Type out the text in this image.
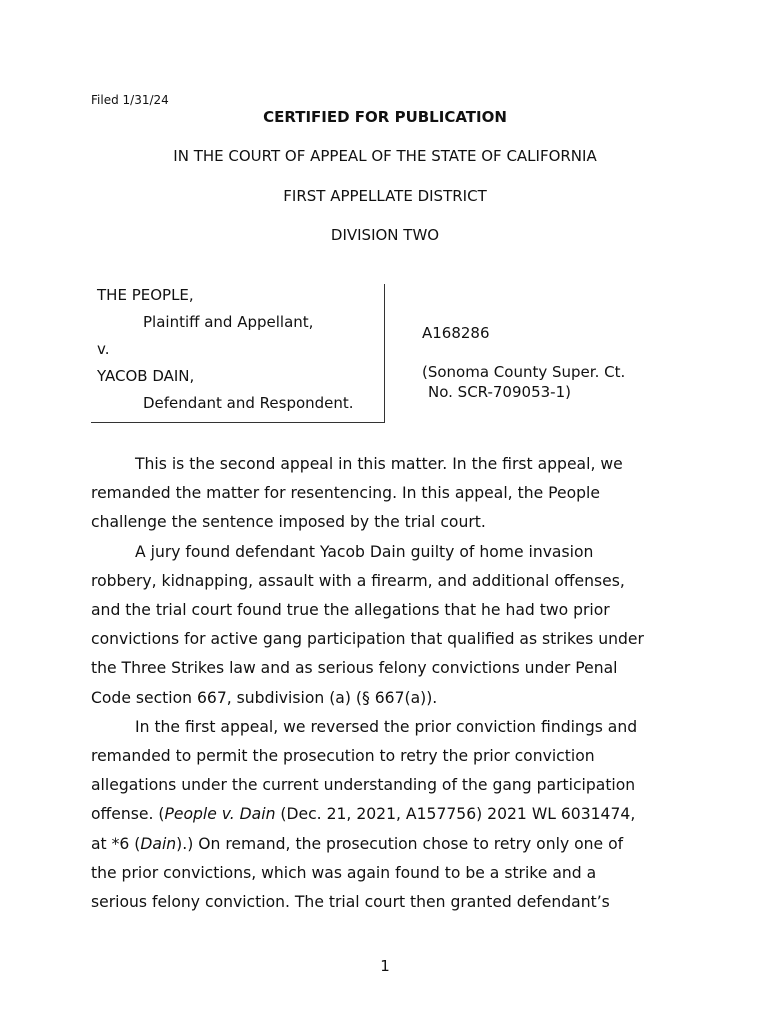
Filed 1/31/24
CERTIFIED FOR PUBLICATION
IN THE COURT OF APPEAL OF THE STATE OF CALIFORNIA
FIRST APPELLATE DISTRICT
DIVISION TWO
THE PEOPLE,
Plaintiff and Appellant,
v.
YACOB DAIN,
Defendant and Respondent.
A168286
(Sonoma County Super. Ct.
No. SCR-709053-1)

This is the second appeal in this matter. In the first appeal, we
remanded the matter for resentencing. In this appeal, the People
challenge the sentence imposed by the trial court.

A jury found defendant Yacob Dain guilty of home invasion
robbery, kidnapping, assault with a firearm, and additional offenses,
and the trial court found true the allegations that he had two prior
convictions for active gang participation that qualified as strikes under
the Three Strikes law and as serious felony convictions under Penal
Code section 667, subdivision (a) (§ 667(a)).

In the first appeal, we reversed the prior conviction findings and
remanded to permit the prosecution to retry the prior conviction
allegations under the current understanding of the gang participation
offense. (People v. Dain (Dec. 21, 2021, A157756) 2021 WL 6031474,
at *6 (Dain).) On remand, the prosecution chose to retry only one of
the prior convictions, which was again found to be a strike and a
serious felony conviction. The trial court then granted defendant’s

1
